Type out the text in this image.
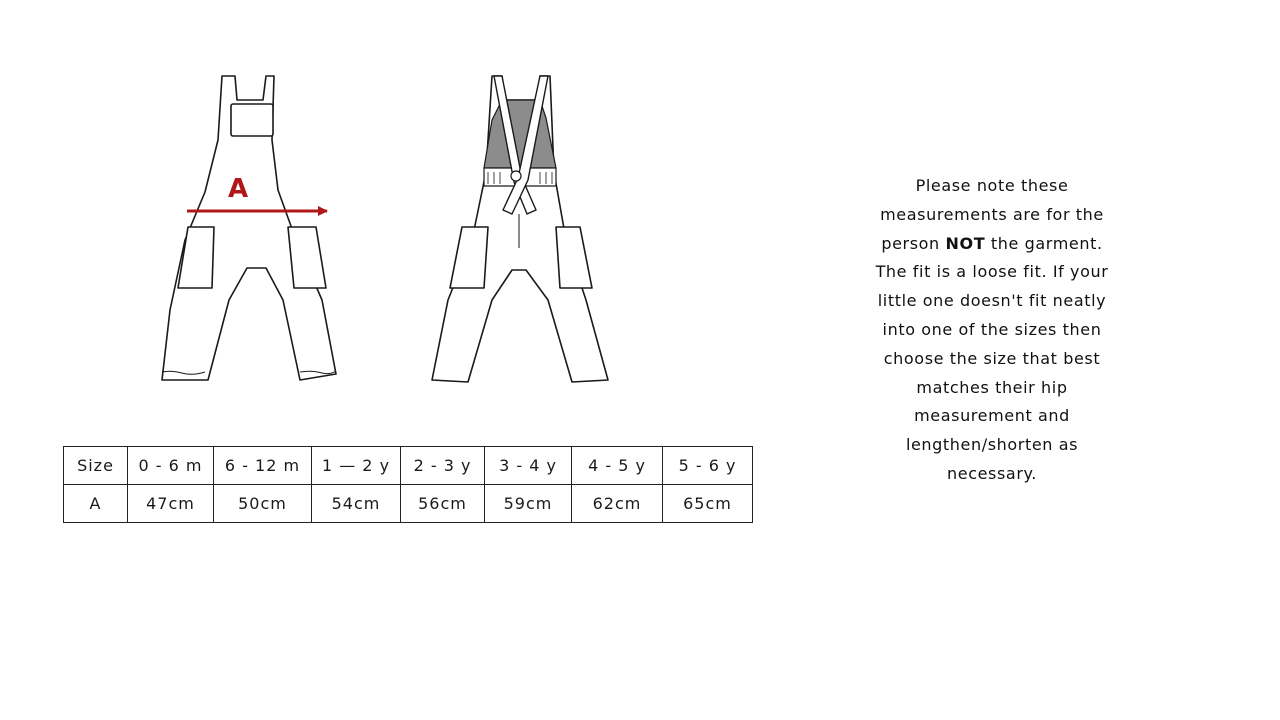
A
Size	0 - 6 m	6 - 12 m	1 — 2 y	2 - 3 y	3 - 4 y	4 - 5 y	5 - 6 y
A	47cm	50cm	54cm	56cm	59cm	62cm	65cm

Please note these measurements are for the person NOT the garment. The fit is a loose fit. If your little one doesn't fit neatly into one of the sizes then choose the size that best matches their hip measurement and lengthen/shorten as necessary.
